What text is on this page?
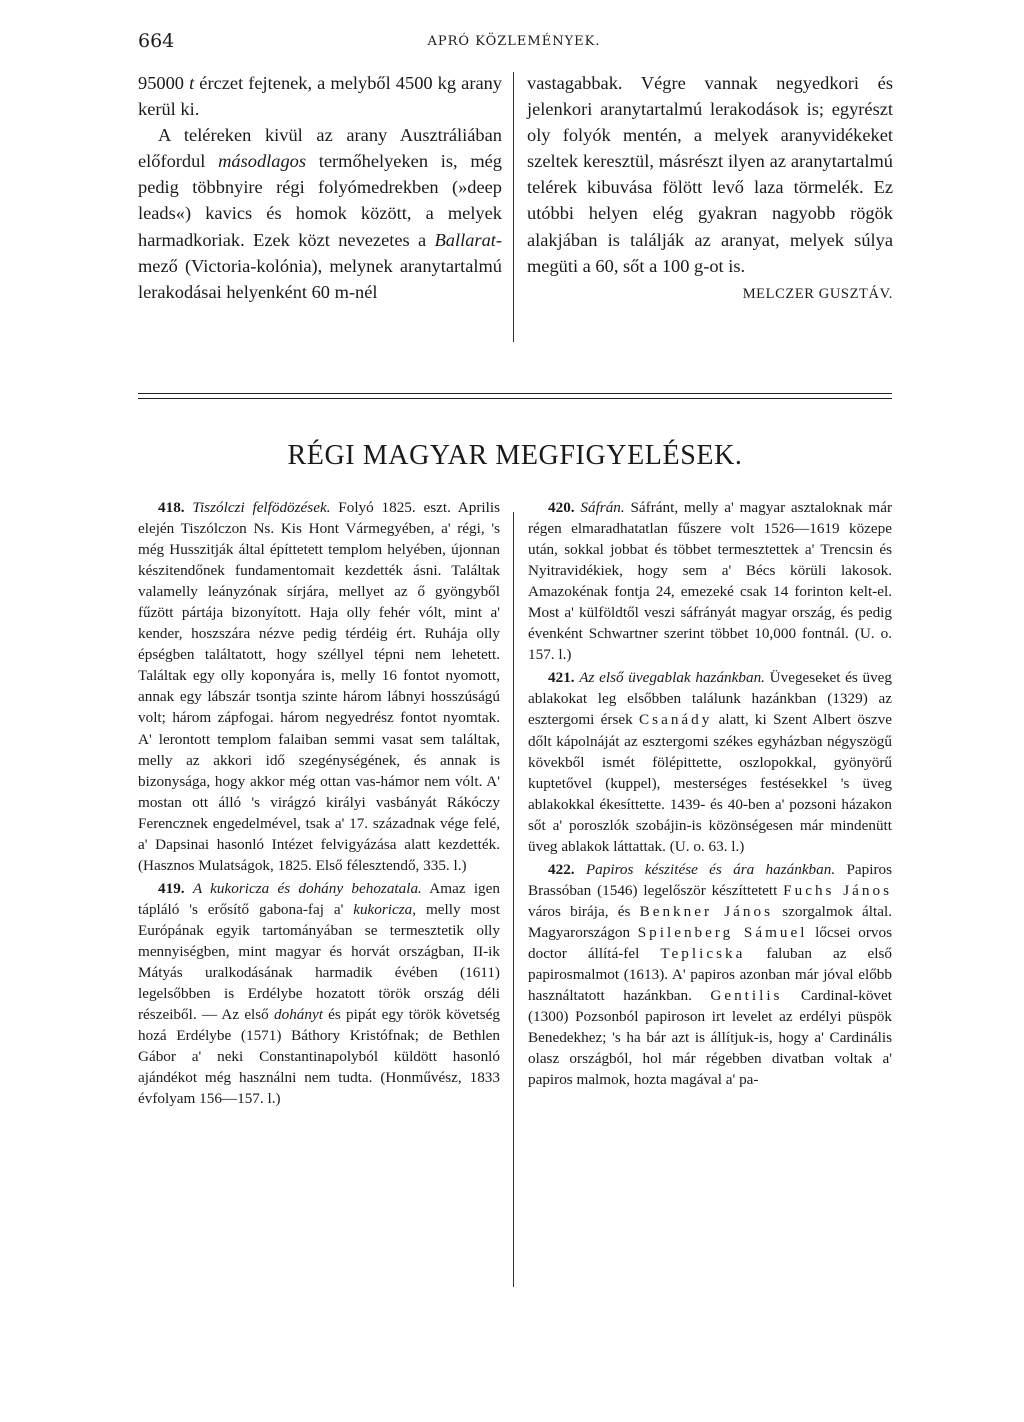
664	APRÓ KÖZLEMÉNYEK.

95000 t érczet fejtenek, a melyből 4500 kg arany kerül ki.

A teléreken kivül az arany Ausztráliában előfordul másodlagos termőhelyeken is, még pedig többnyire régi folyómedrekben (»deep leads«) kavics és homok között, a melyek harmadkoriak. Ezek közt nevezetes a Ballarat-mező (Victoria-kolónia), melynek aranytartalmú lerakodásai helyenként 60 m-nél

vastagabbak. Végre vannak negyedkori és jelenkori aranytartalmú lerakodások is; egyrészt oly folyók mentén, a melyek aranyvidékeket szeltek keresztül, másrészt ilyen az aranytartalmú telérek kibuvása fölött levő laza törmelék. Ez utóbbi helyen elég gyakran nagyobb rögök alakjában is találják az aranyat, melyek súlya megüti a 60, sőt a 100 g-ot is.

MELCZER GUSZTÁV.
RÉGI MAGYAR MEGFIGYELÉSEK.

418. Tiszólczi felfödözések. Folyó 1825. eszt. Aprilis elején Tiszólczon Ns. Kis Hont Vármegyében, a' régi, 's még Husszitják által építtetett templom helyében, újonnan készitendőnek fundamentomait kezdették ásni. Találtak valamelly leányzónak sírjára, mellyet az ő gyöngyből fűzött pártája bizonyított. Haja olly fehér vólt, mint a' kender, hoszszára nézve pedig térdéig ért. Ruhája olly épségben találtatott, hogy széllyel tépni nem lehetett. Találtak egy olly koponyára is, melly 16 fontot nyomott, annak egy lábszár tsontja szinte három lábnyi hosszúságú volt; három zápfogai. három negyedrész fontot nyomtak. A' lerontott templom falaiban semmi vasat sem találtak, melly az akkori idő szegénységének, és annak is bizonysága, hogy akkor még ottan vas-hámor nem vólt. A' mostan ott álló 's virágzó királyi vasbányát Rákóczy Ferencznek engedelmével, tsak a' 17. századnak vége felé, a' Dapsinai hasonló Intézet felvigyázása alatt kezdették. (Hasznos Mulatságok, 1825. Első félesztendő, 335. l.)

419. A kukoricza és dohány behozatala. Amaz igen tápláló 's erősítő gabona-faj a' kukoricza, melly most Európának egyik tartományában se termesztetik olly mennyiségben, mint magyar és horvát országban, II-ik Mátyás uralkodásának harmadik évében (1611) legelsőbben is Erdélybe hozatott török ország déli részeiből. — Az első dohányt és pipát egy török követség hozá Erdélybe (1571) Báthory Kristófnak; de Bethlen Gábor a' neki Constantinapolyból küldött hasonló ajándékot még használni nem tudta. (Honművész, 1833 évfolyam 156—157. l.)

420. Sáfrán. Sáfránt, melly a' magyar asztaloknak már régen elmaradhatatlan fűszere volt 1526—1619 közepe után, sokkal jobbat és többet termesztettek a' Trencsin és Nyitravidékiek, hogy sem a' Bécs körüli lakosok. Amazokénak fontja 24, emezeké csak 14 forinton kelt-el. Most a' külföldtől veszi sáfrányát magyar ország, és pedig évenként Schwartner szerint többet 10,000 fontnál. (U. o. 157. l.)

421. Az első üvegablak hazánkban. Üvegeseket és üveg ablakokat leg elsőbben találunk hazánkban (1329) az esztergomi érsek Csanády alatt, ki Szent Albert öszve dőlt kápolnáját az esztergomi székes egyházban négyszögű kövekből ismét fölépittette, oszlopokkal, gyönyörű kuptetővel (kuppel), mesterséges festésekkel 's üveg ablakokkal ékesíttette. 1439- és 40-ben a' pozsoni házakon sőt a' poroszlók szobájin-is közönségesen már mindenütt üveg ablakok láttattak. (U. o. 63. l.)

422. Papiros készitése és ára hazánkban. Papiros Brassóban (1546) legelőször készíttetett Fuchs János város birája, és Benkner János szorgalmok által. Magyarországon Spilenberg Sámuel lőcsei orvos doctor állítá-fel Teplicska faluban az első papirosmalmot (1613). A' papiros azonban már jóval előbb használtatott hazánkban. Gentilis Cardinal-követ (1300) Pozsonból papiroson irt levelet az erdélyi püspök Benedekhez; 's ha bár azt is állítjuk-is, hogy a' Cardinális olasz országból, hol már régebben divatban voltak a' papiros malmok, hozta magával a' pa-
